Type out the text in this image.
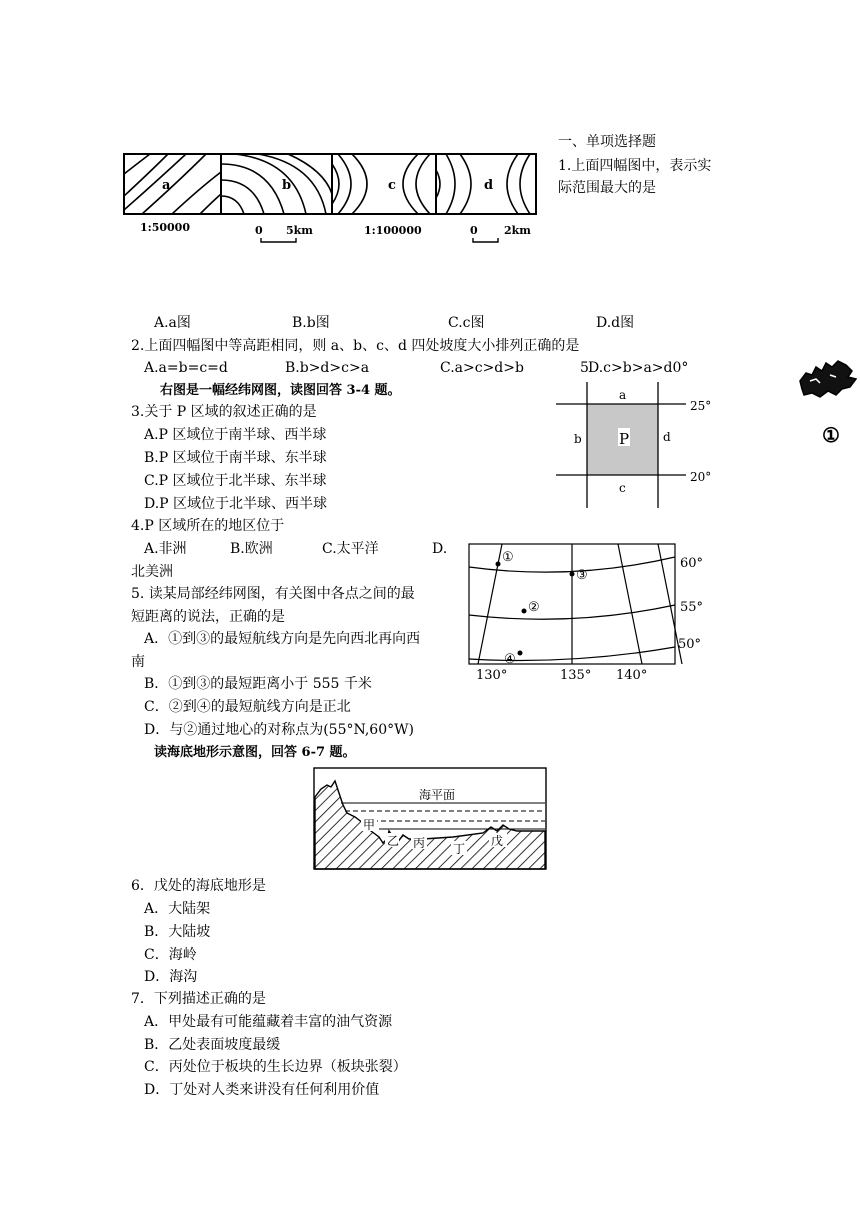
a	b	c	d
1:50000	0 5km	1:100000	0 2km
一、单项选择题
1.上面四幅图中，表示实
际范围最大的是
A.a图	B.b图	C.c图	D.d图
2.上面四幅图中等高距相同，则 a、b、c、d 四处坡度大小排列正确的是
A.a=b=c=d	B.b>d>c>a	C.a>c>d>b	5 D.c>b>a>d0°
右图是一幅经纬网图，读图回答 3-4 题。	a
b	d
c
P
25°
20°
①
3.关于 P 区域的叙述正确的是
A.P 区域位于南半球、西半球
B.P 区域位于南半球、东半球
C.P 区域位于北半球、东半球
D.P 区域位于北半球、西半球
4.P 区域所在的地区位于
A.非洲	B.欧洲	C.太平洋	D.
北美洲
①
③
②
④
60°
55°
50°
130°	135° 140°
5. 读某局部经纬网图，有关图中各点之间的最
短距离的说法，正确的是
A．①到③的最短航线方向是先向西北再向西
南
B．①到③的最短距离小于 555 千米
C．②到④的最短航线方向是正北
D．与②通过地心的对称点为(55°N,60°W)
读海底地形示意图，回答 6-7 题。
海平面
甲
乙 丙 丁
戊
6．戊处的海底地形是
A．大陆架
B．大陆坡
C．海岭
D．海沟
7．下列描述正确的是
A．甲处最有可能蕴藏着丰富的油气资源
B．乙处表面坡度最缓
C．丙处位于板块的生长边界（板块张裂）
D．丁处对人类来讲没有任何利用价值
